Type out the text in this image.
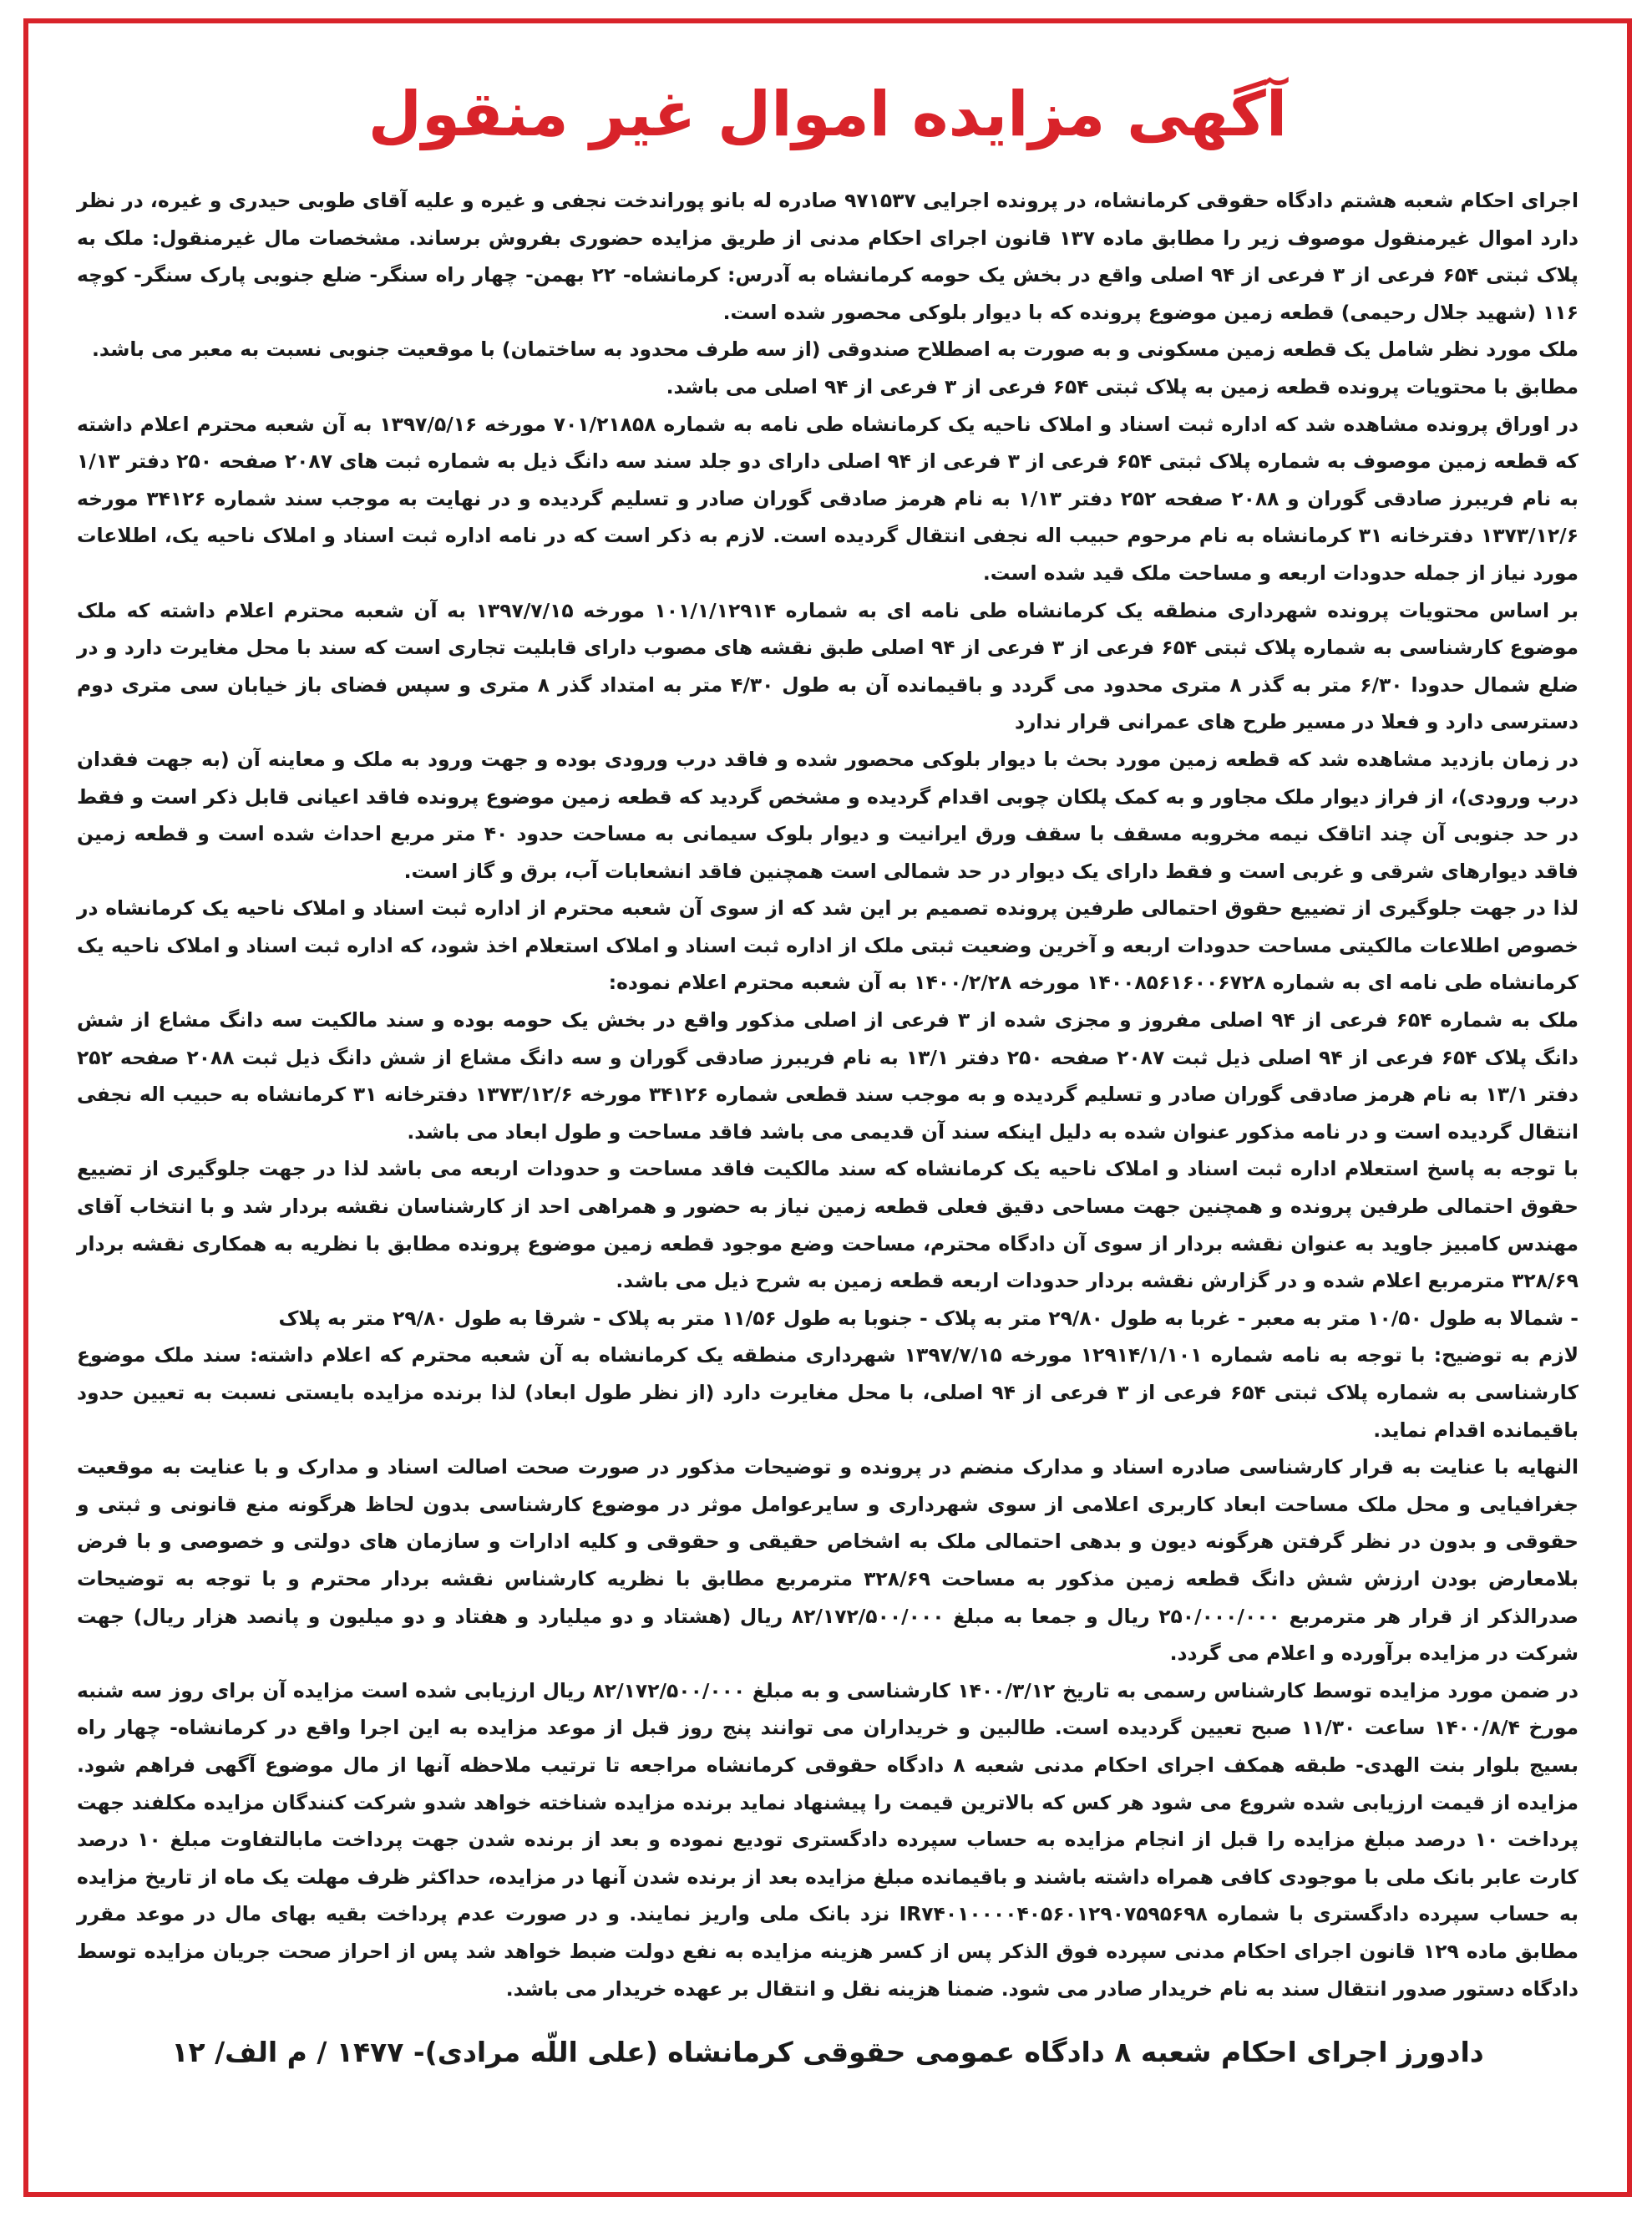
آگهی مزایده اموال غیر منقول

اجرای احکام شعبه هشتم دادگاه حقوقی کرمانشاه، در پرونده اجرایی ۹۷۱۵۳۷ صادره له بانو پوراندخت نجفی و غیره و علیه آقای طوبی حیدری و غیره، در نظر دارد اموال غیرمنقول موصوف زیر را مطابق ماده ۱۳۷ قانون اجرای احکام مدنی از طریق مزایده حضوری بفروش برساند. مشخصات مال غیرمنقول: ملک به پلاک ثبتی ۶۵۴ فرعی از ۳ فرعی از ۹۴ اصلی واقع در بخش یک حومه کرمانشاه به آدرس: کرمانشاه- ۲۲ بهمن- چهار راه سنگر- ضلع جنوبی پارک سنگر- کوچه ۱۱۶ (شهید جلال رحیمی) قطعه زمین موضوع پرونده که با دیوار بلوکی محصور شده است.

ملک مورد نظر شامل یک قطعه زمین مسکونی و به صورت به اصطلاح صندوقی (از سه طرف محدود به ساختمان) با موقعیت جنوبی نسبت به معبر می باشد.

مطابق با محتویات پرونده قطعه زمین به پلاک ثبتی ۶۵۴ فرعی از ۳ فرعی از ۹۴ اصلی می باشد.

در اوراق پرونده مشاهده شد که اداره ثبت اسناد و املاک ناحیه یک کرمانشاه طی نامه به شماره ۷۰۱/۲۱۸۵۸ مورخه ۱۳۹۷/۵/۱۶ به آن شعبه محترم اعلام داشته که قطعه زمین موصوف به شماره پلاک ثبتی ۶۵۴ فرعی از ۳ فرعی از ۹۴ اصلی دارای دو جلد سند سه دانگ ذیل به شماره ثبت های ۲۰۸۷ صفحه ۲۵۰ دفتر ۱/۱۳ به نام فریبرز صادقی گوران و ۲۰۸۸ صفحه ۲۵۲ دفتر ۱/۱۳ به نام هرمز صادقی گوران صادر و تسلیم گردیده و در نهایت به موجب سند شماره ۳۴۱۲۶ مورخه ۱۳۷۳/۱۲/۶ دفترخانه ۳۱ کرمانشاه به نام مرحوم حبیب اله نجفی انتقال گردیده است. لازم به ذکر است که در نامه اداره ثبت اسناد و املاک ناحیه یک، اطلاعات مورد نیاز از جمله حدودات اربعه و مساحت ملک قید شده است.

بر اساس محتویات پرونده شهرداری منطقه یک کرمانشاه طی نامه ای به شماره ۱۰۱/۱/۱۲۹۱۴ مورخه ۱۳۹۷/۷/۱۵ به آن شعبه محترم اعلام داشته که ملک موضوع کارشناسی به شماره پلاک ثبتی ۶۵۴ فرعی از ۳ فرعی از ۹۴ اصلی طبق نقشه های مصوب دارای قابلیت تجاری است که سند با محل مغایرت دارد و در ضلع شمال حدودا ۶/۳۰ متر به گذر ۸ متری محدود می گردد و باقیمانده آن به طول ۴/۳۰ متر به امتداد گذر ۸ متری و سپس فضای باز خیابان سی متری دوم دسترسی دارد و فعلا در مسیر طرح های عمرانی قرار ندارد

در زمان بازدید مشاهده شد که قطعه زمین مورد بحث با دیوار بلوکی محصور شده و فاقد درب ورودی بوده و جهت ورود به ملک و معاینه آن (به جهت فقدان درب ورودی)، از فراز دیوار ملک مجاور و به کمک پلکان چوبی اقدام گردیده و مشخص گردید که قطعه زمین موضوع پرونده فاقد اعیانی قابل ذکر است و فقط در حد جنوبی آن چند اتاقک نیمه مخروبه مسقف با سقف ورق ایرانیت و دیوار بلوک سیمانی به مساحت حدود ۴۰ متر مربع احداث شده است و قطعه زمین فاقد دیوارهای شرقی و غربی است و فقط دارای یک دیوار در حد شمالی است همچنین فاقد انشعابات آب، برق و گاز است.

لذا در جهت جلوگیری از تضییع حقوق احتمالی طرفین پرونده تصمیم بر این شد که از سوی آن شعبه محترم از اداره ثبت اسناد و املاک ناحیه یک کرمانشاه در خصوص اطلاعات مالکیتی مساحت حدودات اربعه و آخرین وضعیت ثبتی ملک از اداره ثبت اسناد و املاک استعلام اخذ شود، که اداره ثبت اسناد و املاک ناحیه یک کرمانشاه طی نامه ای به شماره ۱۴۰۰۸۵۶۱۶۰۰۶۷۲۸ مورخه ۱۴۰۰/۲/۲۸ به آن شعبه محترم اعلام نموده:

ملک به شماره ۶۵۴ فرعی از ۹۴ اصلی مفروز و مجزی شده از ۳ فرعی از اصلی مذکور واقع در بخش یک حومه بوده و سند مالکیت سه دانگ مشاع از شش دانگ پلاک ۶۵۴ فرعی از ۹۴ اصلی ذیل ثبت ۲۰۸۷ صفحه ۲۵۰ دفتر ۱۳/۱ به نام فریبرز صادقی گوران و سه دانگ مشاع از شش دانگ ذیل ثبت ۲۰۸۸ صفحه ۲۵۲ دفتر ۱۳/۱ به نام هرمز صادقی گوران صادر و تسلیم گردیده و به موجب سند قطعی شماره ۳۴۱۲۶ مورخه ۱۳۷۳/۱۲/۶ دفترخانه ۳۱ کرمانشاه به حبیب اله نجفی انتقال گردیده است و در نامه مذکور عنوان شده به دلیل اینکه سند آن قدیمی می باشد فاقد مساحت و طول ابعاد می باشد.

با توجه به پاسخ استعلام اداره ثبت اسناد و املاک ناحیه یک کرمانشاه که سند مالکیت فاقد مساحت و حدودات اربعه می باشد لذا در جهت جلوگیری از تضییع حقوق احتمالی طرفین پرونده و همچنین جهت مساحی دقیق فعلی قطعه زمین نیاز به حضور و همراهی احد از کارشناسان نقشه بردار شد و با انتخاب آقای مهندس کامبیز جاوید به عنوان نقشه بردار از سوی آن دادگاه محترم، مساحت وضع موجود قطعه زمین موضوع پرونده مطابق با نظریه به همکاری نقشه بردار ۳۲۸/۶۹ مترمربع اعلام شده و در گزارش نقشه بردار حدودات اربعه قطعه زمین به شرح ذیل می باشد.

- شمالا به طول ۱۰/۵۰ متر به معبر - غربا به طول ۲۹/۸۰ متر به پلاک - جنوبا به طول ۱۱/۵۶ متر به پلاک - شرقا به طول ۲۹/۸۰ متر به پلاک

لازم به توضیح: با توجه به نامه شماره ۱۲۹۱۴/۱/۱۰۱ مورخه ۱۳۹۷/۷/۱۵ شهرداری منطقه یک کرمانشاه به آن شعبه محترم که اعلام داشته: سند ملک موضوع کارشناسی به شماره پلاک ثبتی ۶۵۴ فرعی از ۳ فرعی از ۹۴ اصلی، با محل مغایرت دارد (از نظر طول ابعاد) لذا برنده مزایده بایستی نسبت به تعیین حدود باقیمانده اقدام نماید.

النهایه با عنایت به قرار کارشناسی صادره اسناد و مدارک منضم در پرونده و توضیحات مذکور در صورت صحت اصالت اسناد و مدارک و با عنایت به موقعیت جغرافیایی و محل ملک مساحت ابعاد کاربری اعلامی از سوی شهرداری و سایرعوامل موثر در موضوع کارشناسی بدون لحاظ هرگونه منع قانونی و ثبتی و حقوقی و بدون در نظر گرفتن هرگونه دیون و بدهی احتمالی ملک به اشخاص حقیقی و حقوقی و کلیه ادارات و سازمان های دولتی و خصوصی و با فرض بلامعارض بودن ارزش شش دانگ قطعه زمین مذکور به مساحت ۳۲۸/۶۹ مترمربع مطابق با نظریه کارشناس نقشه بردار محترم و با توجه به توضیحات صدرالذکر از قرار هر مترمربع ۲۵۰/۰۰۰/۰۰۰ ریال و جمعا به مبلغ ۸۲/۱۷۲/۵۰۰/۰۰۰ ریال (هشتاد و دو میلیارد و هفتاد و دو میلیون و پانصد هزار ریال) جهت شرکت در مزایده برآورده و اعلام می گردد.

در ضمن مورد مزایده توسط کارشناس رسمی به تاریخ ۱۴۰۰/۳/۱۲ کارشناسی و به مبلغ ۸۲/۱۷۲/۵۰۰/۰۰۰ ریال ارزیابی شده است مزایده آن برای روز سه شنبه مورخ ۱۴۰۰/۸/۴ ساعت ۱۱/۳۰ صبح تعیین گردیده است. طالبین و خریداران می توانند پنج روز قبل از موعد مزایده به این اجرا واقع در کرمانشاه- چهار راه بسیج بلوار بنت الهدی- طبقه همکف اجرای احکام مدنی شعبه ۸ دادگاه حقوقی کرمانشاه مراجعه تا ترتیب ملاحظه آنها از مال موضوع آگهی فراهم شود. مزایده از قیمت ارزیابی شده شروع می شود هر کس که بالاترین قیمت را پیشنهاد نماید برنده مزایده شناخته خواهد شدو شرکت کنندگان مزایده مکلفند جهت پرداخت ۱۰ درصد مبلغ مزایده را قبل از انجام مزایده به حساب سپرده دادگستری تودیع نموده و بعد از برنده شدن جهت پرداخت مابالتفاوت مبلغ ۱۰ درصد کارت عابر بانک ملی با موجودی کافی همراه داشته باشند و باقیمانده مبلغ مزایده بعد از برنده شدن آنها در مزایده، حداکثر ظرف مهلت یک ماه از تاریخ مزایده به حساب سپرده دادگستری با شماره IR۷۴۰۱۰۰۰۰۴۰۵۶۰۱۲۹۰۷۵۹۵۶۹۸ نزد بانک ملی واریز نمایند. و در صورت عدم پرداخت بقیه بهای مال در موعد مقرر مطابق ماده ۱۲۹ قانون اجرای احکام مدنی سپرده فوق الذکر پس از کسر هزینه مزایده به نفع دولت ضبط خواهد شد پس از احراز صحت جریان مزایده توسط دادگاه دستور صدور انتقال سند به نام خریدار صادر می شود. ضمنا هزینه نقل و انتقال بر عهده خریدار می باشد.

دادورز اجرای احکام شعبه ۸ دادگاه عمومی حقوقی کرمانشاه (علی اللّه مرادی)- ۱۴۷۷ / م الف/ ۱۲
